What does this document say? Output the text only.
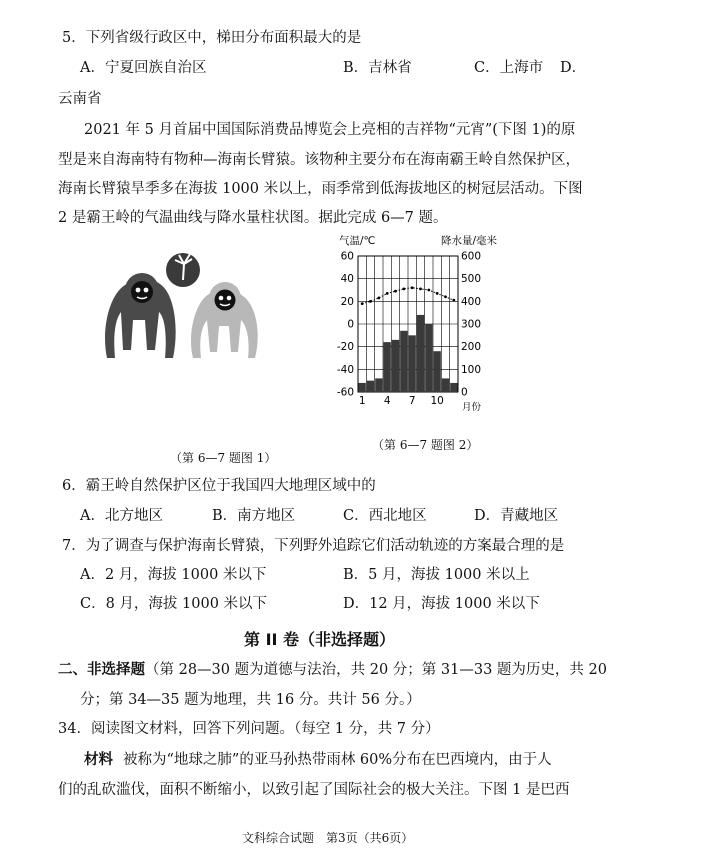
5．下列省级行政区中，梯田分布面积最大的是
A．宁夏回族自治区	B．吉林省	C．上海市 D．
云南省
2021 年 5 月首届中国国际消费品博览会上亮相的吉祥物“元宵”(下图 1)的原
型是来自海南特有物种—海南长臂猿。该物种主要分布在海南霸王岭自然保护区，
海南长臂猿旱季多在海拔 1000 米以上，雨季常到低海拔地区的树冠层活动。下图
2 是霸王岭的气温曲线与降水量柱状图。据此完成 6—7 题。
（第 6—7 题图 1）
气温/℃	降水量/毫米
60
40
20
0
-20
-40
-60
600
500
400
300
200
100
0
1 4 7 10
月份
（第 6—7 题图 2）
6．霸王岭自然保护区位于我国四大地理区域中的
A．北方地区	B．南方地区	C．西北地区	D．青藏地区
7．为了调查与保护海南长臂猿，下列野外追踪它们活动轨迹的方案最合理的是
A．2 月，海拔 1000 米以下	B．5 月，海拔 1000 米以上
C．8 月，海拔 1000 米以下	D．12 月，海拔 1000 米以下
第 II 卷（非选择题）
二、非选择题（第 28—30 题为道德与法治，共 20 分；第 31—33 题为历史，共 20
分；第 34—35 题为地理，共 16 分。共计 56 分。）
34．阅读图文材料，回答下列问题。（每空 1 分，共 7 分）
材料 被称为“地球之肺”的亚马孙热带雨林 60%分布在巴西境内，由于人
们的乱砍滥伐，面积不断缩小，以致引起了国际社会的极大关注。下图 1 是巴西
文科综合试题　第3页（共6页）
